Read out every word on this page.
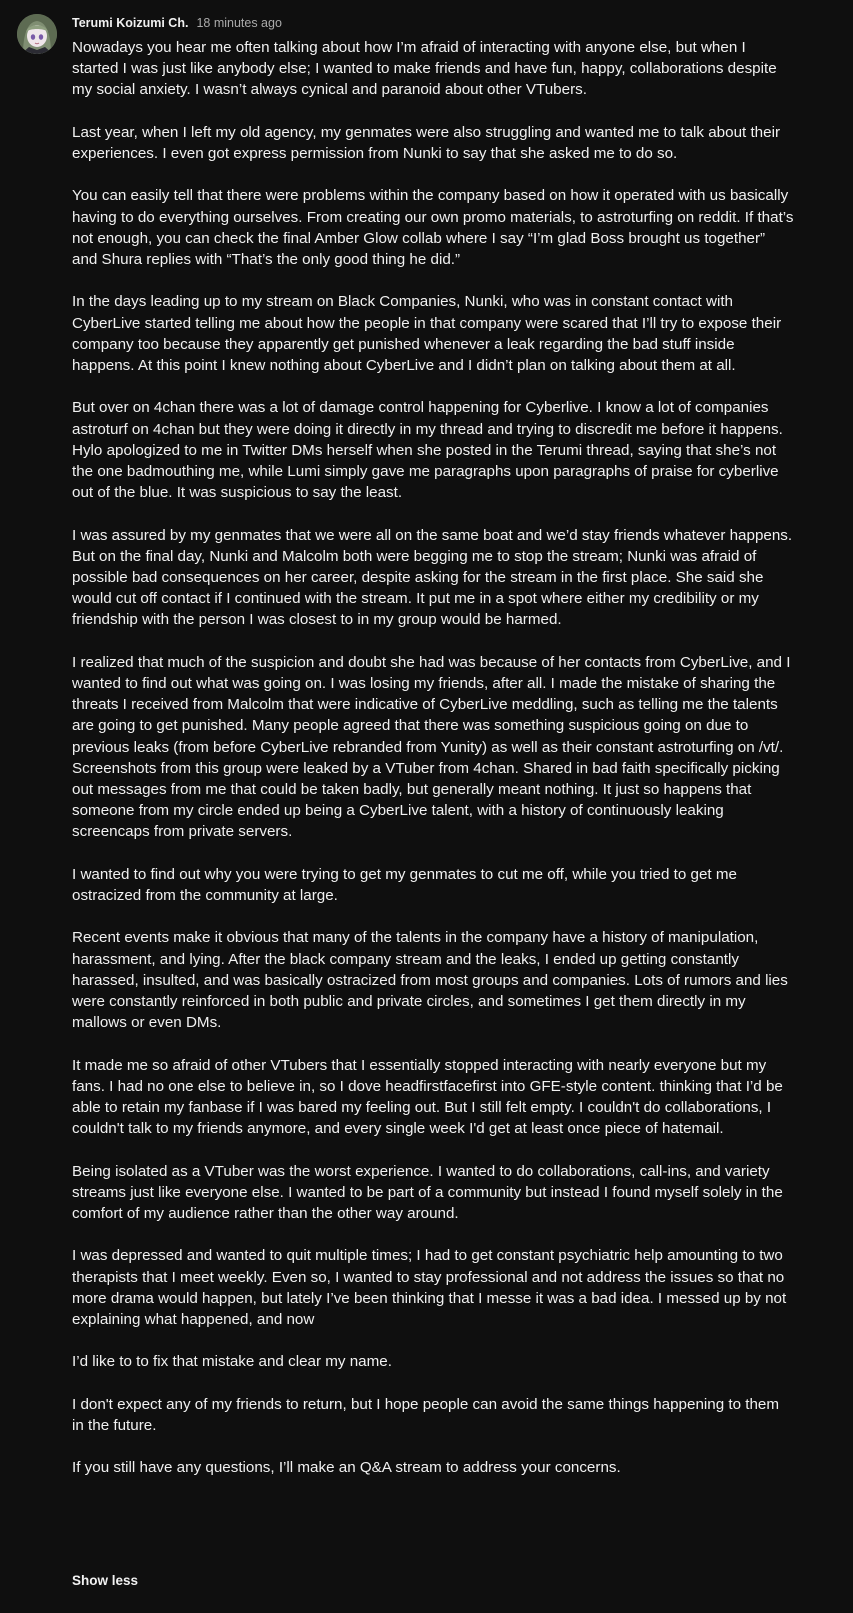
Terumi Koizumi Ch. 18 minutes ago

Nowadays you hear me often talking about how I’m afraid of interacting with anyone else, but when I started I was just like anybody else; I wanted to make friends and have fun, happy, collaborations despite my social anxiety. I wasn’t always cynical and paranoid about other VTubers.

Last year, when I left my old agency, my genmates were also struggling and wanted me to talk about their experiences. I even got express permission from Nunki to say that she asked me to do so.

You can easily tell that there were problems within the company based on how it operated with us basically having to do everything ourselves. From creating our own promo materials, to astroturfing on reddit. If that’s not enough, you can check the final Amber Glow collab where I say “I’m glad Boss brought us together” and Shura replies with “That’s the only good thing he did.”

In the days leading up to my stream on Black Companies, Nunki, who was in constant contact with CyberLive started telling me about how the people in that company were scared that I’ll try to expose their company too because they apparently get punished whenever a leak regarding the bad stuff inside happens. At this point I knew nothing about CyberLive and I didn’t plan on talking about them at all.

But over on 4chan there was a lot of damage control happening for Cyberlive. I know a lot of companies astroturf on 4chan but they were doing it directly in my thread and trying to discredit me before it happens. Hylo apologized to me in Twitter DMs herself when she posted in the Terumi thread, saying that she’s not the one badmouthing me, while Lumi simply gave me paragraphs upon paragraphs of praise for cyberlive out of the blue. It was suspicious to say the least.

I was assured by my genmates that we were all on the same boat and we’d stay friends whatever happens. But on the final day, Nunki and Malcolm both were begging me to stop the stream; Nunki was afraid of possible bad consequences on her career, despite asking for the stream in the first place. She said she would cut off contact if I continued with the stream. It put me in a spot where either my credibility or my friendship with the person I was closest to in my group would be harmed.

I realized that much of the suspicion and doubt she had was because of her contacts from CyberLive, and I wanted to find out what was going on. I was losing my friends, after all. I made the mistake of sharing the threats I received from Malcolm that were indicative of CyberLive meddling, such as telling me the talents are going to get punished. Many people agreed that there was something suspicious going on due to previous leaks (from before CyberLive rebranded from Yunity) as well as their constant astroturfing on /vt/. Screenshots from this group were leaked by a VTuber from 4chan. Shared in bad faith specifically picking out messages from me that could be taken badly, but generally meant nothing. It just so happens that someone from my circle ended up being a CyberLive talent, with a history of continuously leaking screencaps from private servers.

I wanted to find out why you were trying to get my genmates to cut me off, while you tried to get me ostracized from the community at large.

Recent events make it obvious that many of the talents in the company have a history of manipulation, harassment, and lying. After the black company stream and the leaks, I ended up getting constantly harassed, insulted, and was basically ostracized from most groups and companies. Lots of rumors and lies were constantly reinforced in both public and private circles, and sometimes I get them directly in my mallows or even DMs.

It made me so afraid of other VTubers that I essentially stopped interacting with nearly everyone but my fans. I had no one else to believe in, so I dove headfirstfacefirst into GFE-style content. thinking that I’d be able to retain my fanbase if I was bared my feeling out. But I still felt empty. I couldn't do collaborations, I couldn't talk to my friends anymore, and every single week I'd get at least once piece of hatemail.

Being isolated as a VTuber was the worst experience. I wanted to do collaborations, call-ins, and variety streams just like everyone else. I wanted to be part of a community but instead I found myself solely in the comfort of my audience rather than the other way around.

I was depressed and wanted to quit multiple times; I had to get constant psychiatric help amounting to two therapists that I meet weekly. Even so, I wanted to stay professional and not address the issues so that no more drama would happen, but lately I’ve been thinking that I messe it was a bad idea. I messed up by not explaining what happened, and now

I’d like to to fix that mistake and clear my name.

I don't expect any of my friends to return, but I hope people can avoid the same things happening to them in the future.

If you still have any questions, I’ll make an Q&A stream to address your concerns.

Show less
